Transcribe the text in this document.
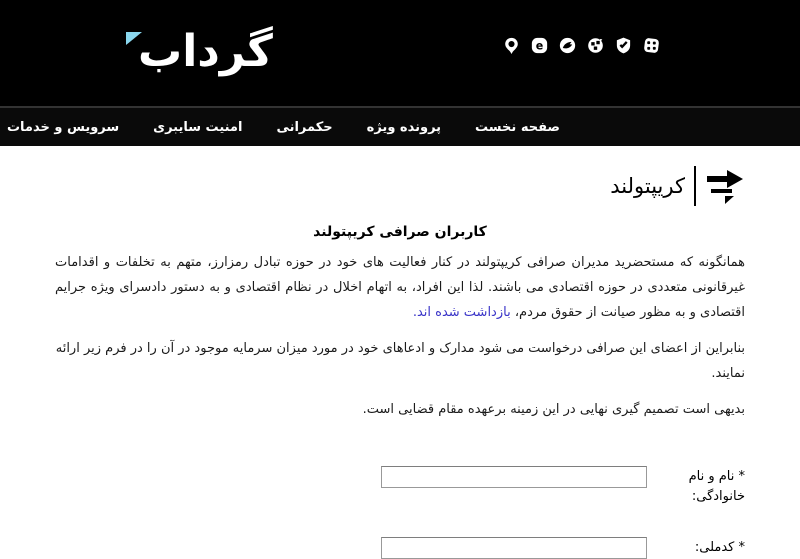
گرداب	e
صفحه نخست
پرونده ویژه
حکمرانی
امنیت سایبری
سرویس و خدمات
کریپتولند
کاربران صرافی کریپتولند

همانگونه که مستحضرید مدیران صرافی کریپتولند در کنار فعالیت های خود در حوزه تبادل رمزارز، متهم به تخلفات و اقدامات غیرقانونی متعددی در حوزه اقتصادی می باشند. لذا این افراد، به اتهام اخلال در نظام اقتصادی و به دستور دادسرای ویژه جرایم اقتصادی و به مظور صیانت از حقوق مردم، بازداشت شده اند.

بنابراین از اعضای این صرافی درخواست می شود مدارک و ادعاهای خود در مورد میزان سرمایه موجود در آن را در فرم زیر ارائه نمایند.

بدیهی است تصمیم گیری نهایی در این زمینه برعهده مقام قضایی است.

* نام و نام خانوادگی:
* کدملی:
